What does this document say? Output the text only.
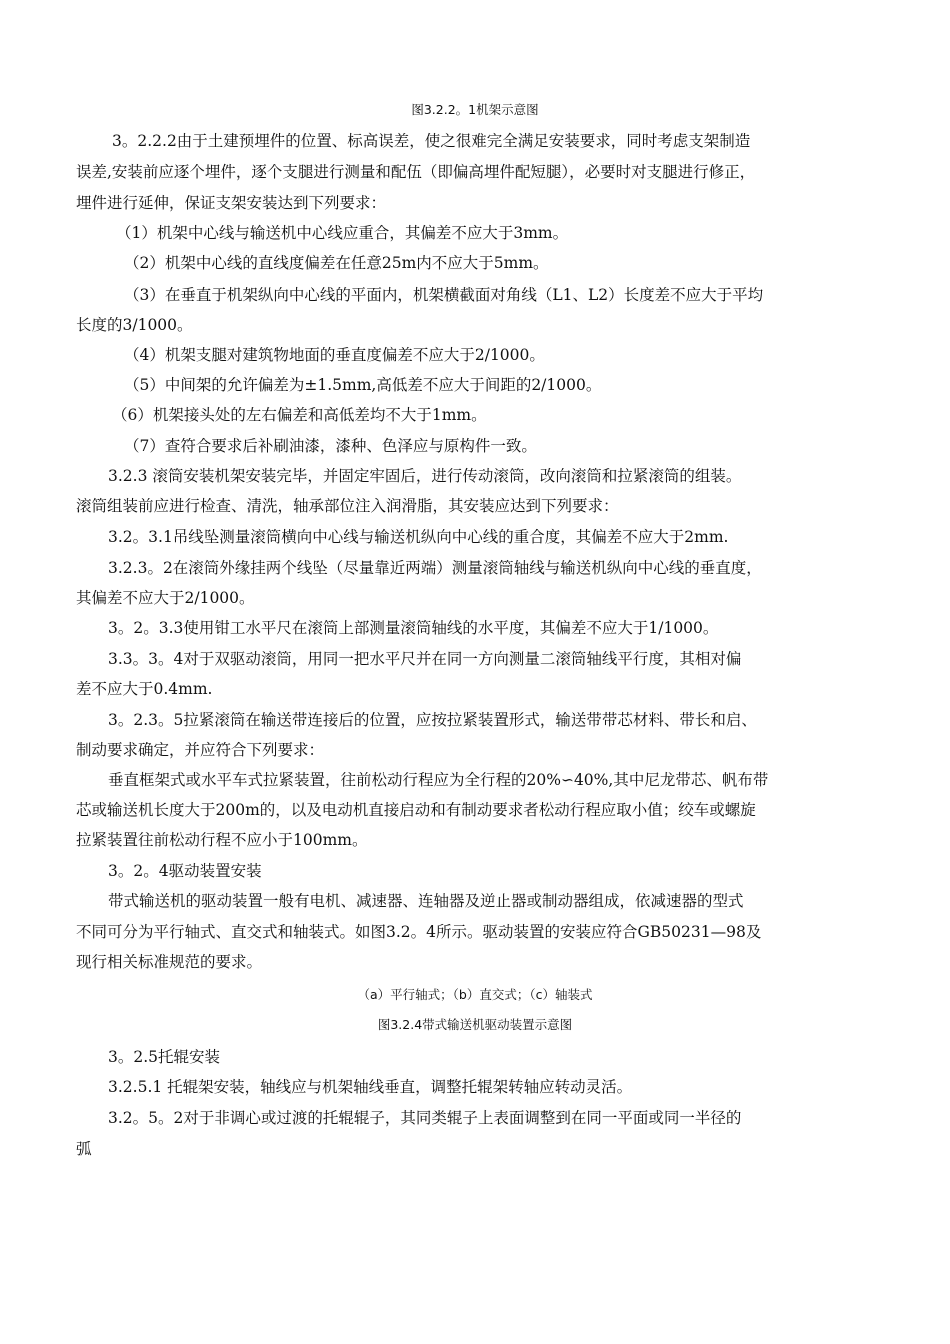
图3.2.2。1机架示意图
3。2.2.2由于土建预埋件的位置、标高误差，使之很难完全满足安装要求，同时考虑支架制造
误差,安装前应逐个埋件，逐个支腿进行测量和配伍（即偏高埋件配短腿），必要时对支腿进行修正，
埋件进行延伸，保证支架安装达到下列要求：
（1）机架中心线与输送机中心线应重合，其偏差不应大于3mm。
（2）机架中心线的直线度偏差在任意25m内不应大于5mm。
（3）在垂直于机架纵向中心线的平面内，机架横截面对角线（L1、L2）长度差不应大于平均
长度的3/1000。
（4）机架支腿对建筑物地面的垂直度偏差不应大于2/1000。
（5）中间架的允许偏差为±1.5mm,高低差不应大于间距的2/1000。
（6）机架接头处的左右偏差和高低差均不大于1mm。
（7）查符合要求后补刷油漆，漆种、色泽应与原构件一致。
3.2.3 滚筒安装机架安装完毕，并固定牢固后，进行传动滚筒，改向滚筒和拉紧滚筒的组装。
滚筒组装前应进行检查、清洗，轴承部位注入润滑脂，其安装应达到下列要求：
3.2。3.1吊线坠测量滚筒横向中心线与输送机纵向中心线的重合度，其偏差不应大于2mm.
3.2.3。2在滚筒外缘挂两个线坠（尽量靠近两端）测量滚筒轴线与输送机纵向中心线的垂直度，
其偏差不应大于2/1000。
3。2。3.3使用钳工水平尺在滚筒上部测量滚筒轴线的水平度，其偏差不应大于1/1000。
3.3。3。4对于双驱动滚筒，用同一把水平尺并在同一方向测量二滚筒轴线平行度，其相对偏
差不应大于0.4mm.
3。2.3。5拉紧滚筒在输送带连接后的位置，应按拉紧装置形式，输送带带芯材料、带长和启、
制动要求确定，并应符合下列要求：
垂直框架式或水平车式拉紧装置，往前松动行程应为全行程的20%∽40%,其中尼龙带芯、帆布带
芯或输送机长度大于200m的，以及电动机直接启动和有制动要求者松动行程应取小值；绞车或螺旋
拉紧装置往前松动行程不应小于100mm。
3。2。4驱动装置安装
带式输送机的驱动装置一般有电机、减速器、连轴器及逆止器或制动器组成，依减速器的型式
不同可分为平行轴式、直交式和轴装式。如图3.2。4所示。驱动装置的安装应符合GB50231—98及
现行相关标准规范的要求。
（a）平行轴式；（b）直交式；（c）轴装式
图3.2.4带式输送机驱动装置示意图
3。2.5托辊安装
3.2.5.1 托辊架安装，轴线应与机架轴线垂直，调整托辊架转轴应转动灵活。
3.2。5。2对于非调心或过渡的托辊辊子，其同类辊子上表面调整到在同一平面或同一半径的
弧
